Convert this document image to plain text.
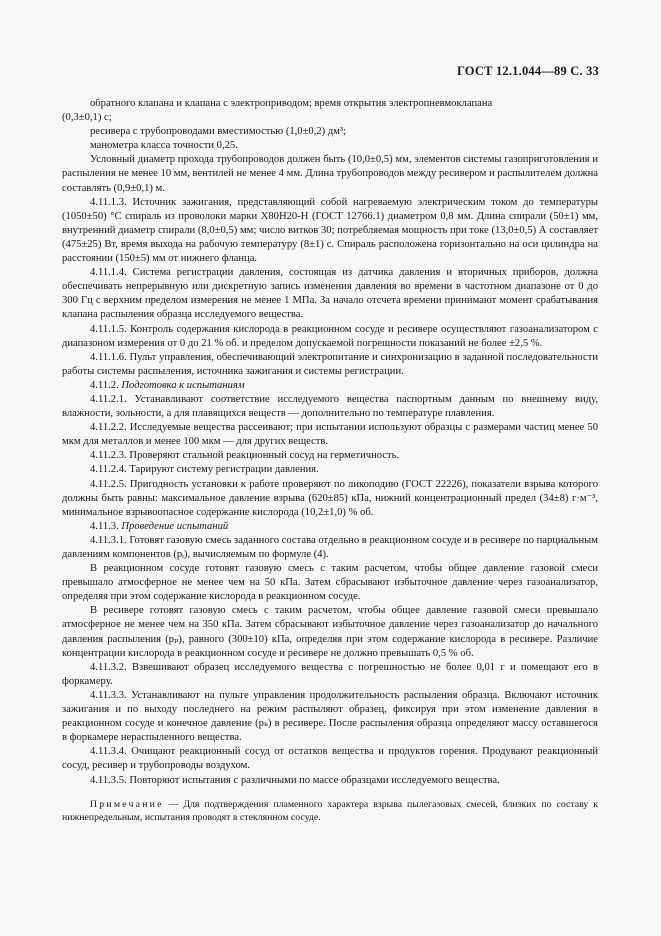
ГОСТ 12.1.044—89 С. 33

обратного клапана и клапана с электроприводом; время открытия электропневмоклапана

(0,3±0,1) с;

ресивера с трубопроводами вместимостью (1,0±0,2) дм³;

манометра класса точности 0,25.

Условный диаметр прохода трубопроводов должен быть (10,0±0,5) мм, элементов системы газоприготовления и распыления не менее 10 мм, вентилей не менее 4 мм. Длина трубопроводов между ресивером и распылителем должна составлять (0,9±0,1) м.

4.11.1.3. Источник зажигания, представляющий собой нагреваемую электрическим током до температуры (1050±50) °С спираль из проволоки марки Х80Н20-Н (ГОСТ 12766.1) диаметром 0,8 мм. Длина спирали (50±1) мм, внутренний диаметр спирали (8,0±0,5) мм; число витков 30; потребляемая мощность при токе (13,0±0,5) А составляет (475±25) Вт, время выхода на рабочую температуру (8±1) с. Спираль расположена горизонтально на оси цилиндра на расстоянии (150±5) мм от нижнего фланца.

4.11.1.4. Система регистрации давления, состоящая из датчика давления и вторичных приборов, должна обеспечивать непрерывную или дискретную запись изменения давления во времени в частотном диапазоне от 0 до 300 Гц с верхним пределом измерения не менее 1 МПа. За начало отсчета времени принимают момент срабатывания клапана распыления образца исследуемого вещества.

4.11.1.5. Контроль содержания кислорода в реакционном сосуде и ресивере осуществляют газоанализатором с диапазоном измерения от 0 до 21 % об. и пределом допускаемой погрешности показаний не более ±2,5 %.

4.11.1.6. Пульт управления, обеспечивающий электропитание и синхронизацию в заданной последовательности работы системы распыления, источника зажигания и системы регистрации.

4.11.2. Подготовка к испытаниям

4.11.2.1. Устанавливают соответствие исследуемого вещества паспортным данным по внешнему виду, влажности, зольности, а для плавящихся веществ — дополнительно по температуре плавления.

4.11.2.2. Исследуемые вещества рассеивают; при испытании используют образцы с размерами частиц менее 50 мкм для металлов и менее 100 мкм — для других веществ.

4.11.2.3. Проверяют стальной реакционный сосуд на герметичность.

4.11.2.4. Тарируют систему регистрации давления.

4.11.2.5. Пригодность установки к работе проверяют по ликоподию (ГОСТ 22226), показатели взрыва которого должны быть равны: максимальное давление взрыва (620±85) кПа, нижний концентрационный предел (34±8) г·м⁻³, минимальное взрывоопасное содержание кислорода (10,2±1,0) % об.

4.11.3. Проведение испытаний

4.11.3.1. Готовят газовую смесь заданного состава отдельно в реакционном сосуде и в ресивере по парциальным давлениям компонентов (pᵢ), вычисляемым по формуле (4).

В реакционном сосуде готовят газовую смесь с таким расчетом, чтобы общее давление газовой смеси превышало атмосферное не менее чем на 50 кПа. Затем сбрасывают избыточное давление через газоанализатор, определяя при этом содержание кислорода в реакционном сосуде.

В ресивере готовят газовую смесь с таким расчетом, чтобы общее давление газовой смеси превышало атмосферное не менее чем на 350 кПа. Затем сбрасывают избыточное давление через газоанализатор до начального давления распыления (pₚ), равного (300±10) кПа, определяя при этом содержание кислорода в ресивере. Различие концентрации кислорода в реакционном сосуде и ресивере не должно превышать 0,5 % об.

4.11.3.2. Взвешивают образец исследуемого вещества с погрешностью не более 0,01 г и помещают его в форкамеру.

4.11.3.3. Устанавливают на пульте управления продолжительность распыления образца. Включают источник зажигания и по выходу последнего на режим распыляют образец, фиксируя при этом изменение давления в реакционном сосуде и конечное давление (pₖ) в ресивере. После распыления образца определяют массу оставшегося в форкамере нераспыленного вещества.

4.11.3.4. Очищают реакционный сосуд от остатков вещества и продуктов горения. Продувают реакционный сосуд, ресивер и трубопроводы воздухом.

4.11.3.5. Повторяют испытания с различными по массе образцами исследуемого вещества.

Примечание — Для подтверждения пламенного характера взрыва пылегазовых смесей, близких по составу к нижнепредельным, испытания проводят в стеклянном сосуде.
